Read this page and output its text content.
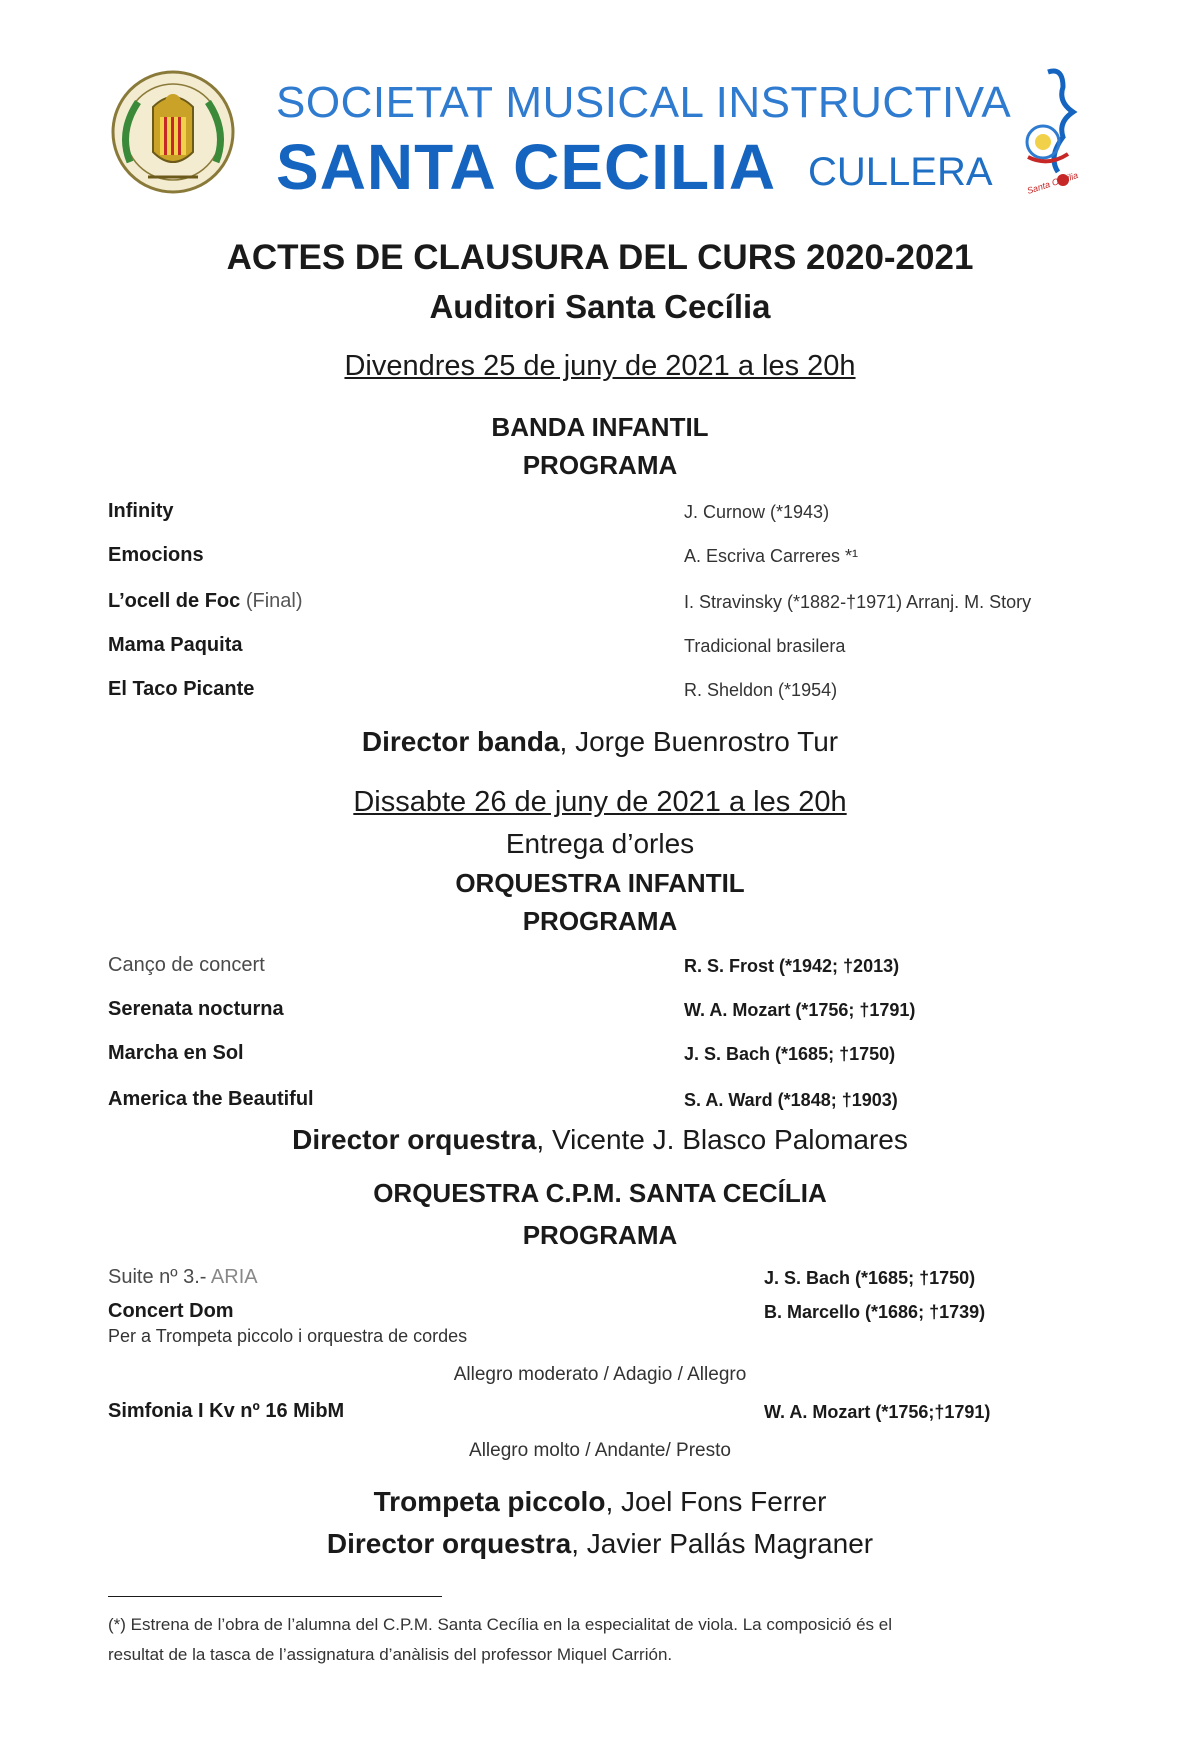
SOCIETAT MUSICAL INSTRUCTIVA
SANTA CECILIA CULLERA	Santa Cecilia
ACTES DE CLAUSURA DEL CURS 2020-2021
Auditori Santa Cecília
Divendres 25 de juny de 2021 a les 20h
BANDA INFANTIL
PROGRAMA
Infinity	J. Curnow (*1943)
Emocions	A. Escriva Carreres *¹
L’ocell de Foc (Final)	I. Stravinsky (*1882-†1971) Arranj. M. Story
Mama Paquita	Tradicional brasilera
El Taco Picante	R. Sheldon (*1954)
Director banda, Jorge Buenrostro Tur
Dissabte 26 de juny de 2021 a les 20h
Entrega d’orles
ORQUESTRA INFANTIL
PROGRAMA
Canço de concert	R. S. Frost (*1942; †2013)
Serenata nocturna	W. A. Mozart (*1756; †1791)
Marcha en Sol	J. S. Bach (*1685; †1750)
America the Beautiful	S. A. Ward (*1848; †1903)
Director orquestra, Vicente J. Blasco Palomares
ORQUESTRA C.P.M. SANTA CECÍLIA
PROGRAMA
Suite nº 3.- ARIA	J. S. Bach (*1685; †1750)
Concert Dom	B. Marcello (*1686; †1739)
Per a Trompeta piccolo i orquestra de cordes
Allegro moderato / Adagio / Allegro
Simfonia I Kv nº 16 MibM	W. A. Mozart (*1756;†1791)
Allegro molto / Andante/ Presto
Trompeta piccolo, Joel Fons Ferrer
Director orquestra, Javier Pallás Magraner
(*) Estrena de l’obra de l’alumna del C.P.M. Santa Cecília en la especialitat de viola. La composició és el
resultat de la tasca de l’assignatura d’anàlisis del professor Miquel Carrión.
